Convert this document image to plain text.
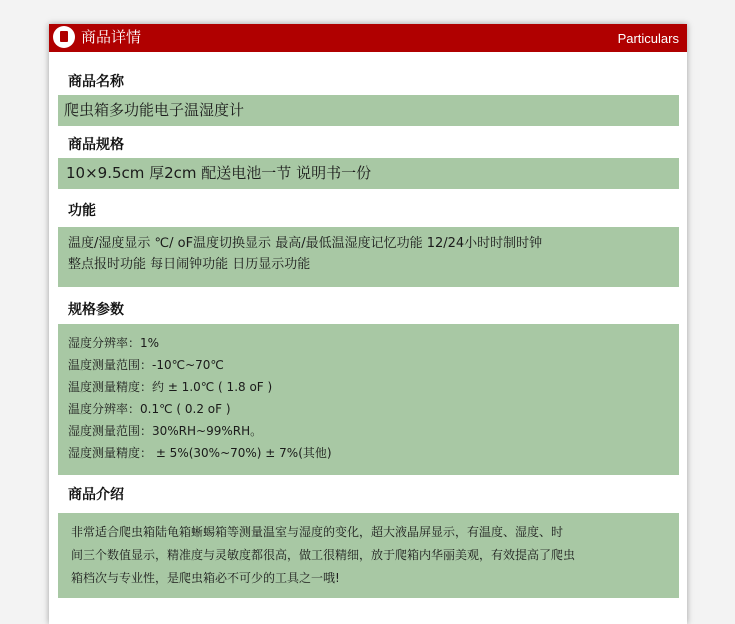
商品详情	Particulars
商品名称
爬虫箱多功能电子温湿度计
商品规格
10×9.5cm 厚2cm 配送电池一节 说明书一份
功能
温度/湿度显示 ℃/ oF温度切换显示 最高/最低温湿度记忆功能 12/24小时时制时钟
整点报时功能 每日闹钟功能 日历显示功能
规格参数
湿度分辨率：1%
温度测量范围：-10℃~70℃
温度测量精度：约 ± 1.0℃ ( 1.8 oF )
温度分辨率：0.1℃ ( 0.2 oF )
湿度测量范围：30%RH~99%RH。
湿度测量精度： ± 5%(30%~70%) ± 7%(其他)
商品介绍
非常适合爬虫箱陆龟箱蜥蜴箱等测量温室与湿度的变化，超大液晶屏显示，有温度、湿度、时
间三个数值显示，精准度与灵敏度都很高，做工很精细，放于爬箱内华丽美观，有效提高了爬虫
箱档次与专业性，是爬虫箱必不可少的工具之一哦!
